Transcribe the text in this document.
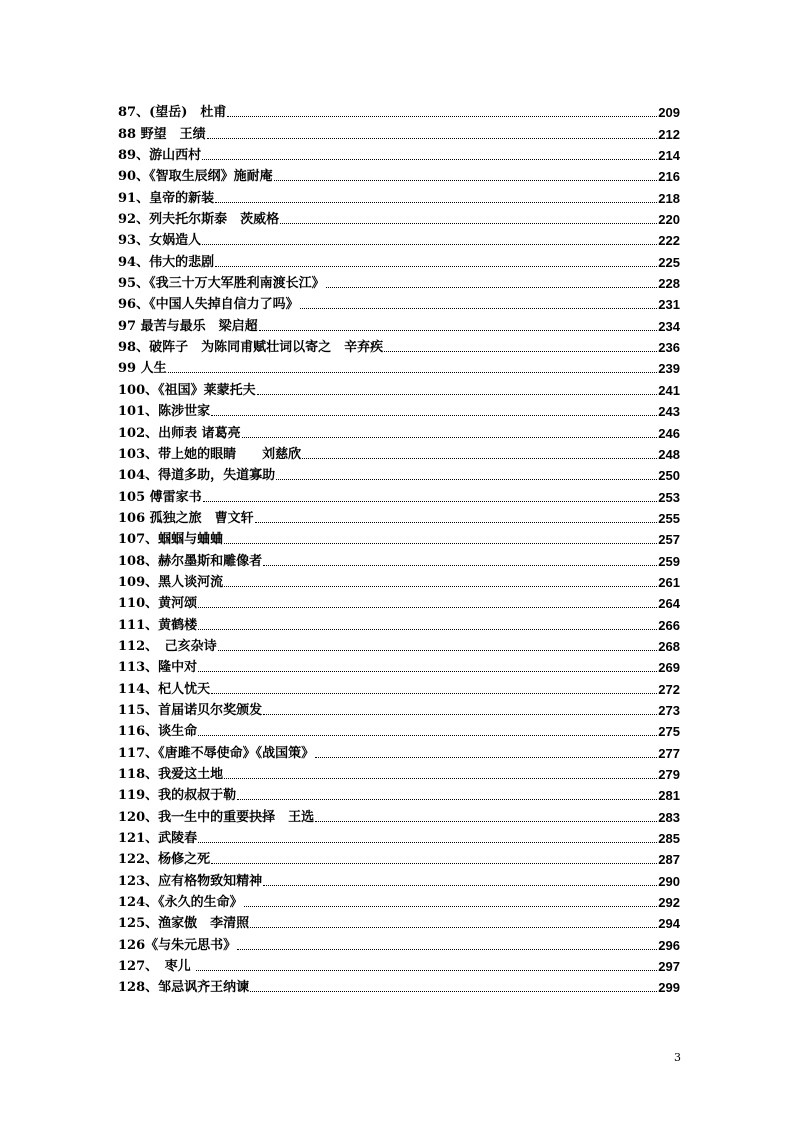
87、(望岳)　杜甫	209
88 野望　王绩	212
89、游山西村	214
90、《智取生辰纲》施耐庵	216
91、皇帝的新装	218
92、列夫托尔斯泰　茨威格	220
93、女娲造人	222
94、伟大的悲剧	225
95、《我三十万大军胜利南渡长江》	228
96、《中国人失掉自信力了吗》	231
97 最苦与最乐　梁启超	234
98、破阵子　为陈同甫赋壮词以寄之　辛弃疾	236
99 人生	239
100、《祖国》莱蒙托夫	241
101、陈涉世家	243
102、出师表 诸葛亮	246
103、带上她的眼睛　　刘慈欣	248
104、得道多助，失道寡助	250
105 傅雷家书	253
106 孤独之旅　曹文轩	255
107、蝈蝈与蛐蛐	257
108、赫尔墨斯和雕像者	259
109、黑人谈河流	261
110、黄河颂	264
111、黄鹤楼	266
112、　己亥杂诗	268
113、隆中对	269
114、杞人忧天	272
115、首届诺贝尔奖颁发	273
116、谈生命	275
117、《唐雎不辱使命》《战国策》	277
118、我爱这土地	279
119、我的叔叔于勒	281
120、我一生中的重要抉择　王选	283
121、武陵春	285
122、杨修之死	287
123、应有格物致知精神	290
124、《永久的生命》	292
125、渔家傲　李清照	294
126《与朱元思书》	296
127、　枣儿	297
128、邹忌讽齐王纳谏	299
3
